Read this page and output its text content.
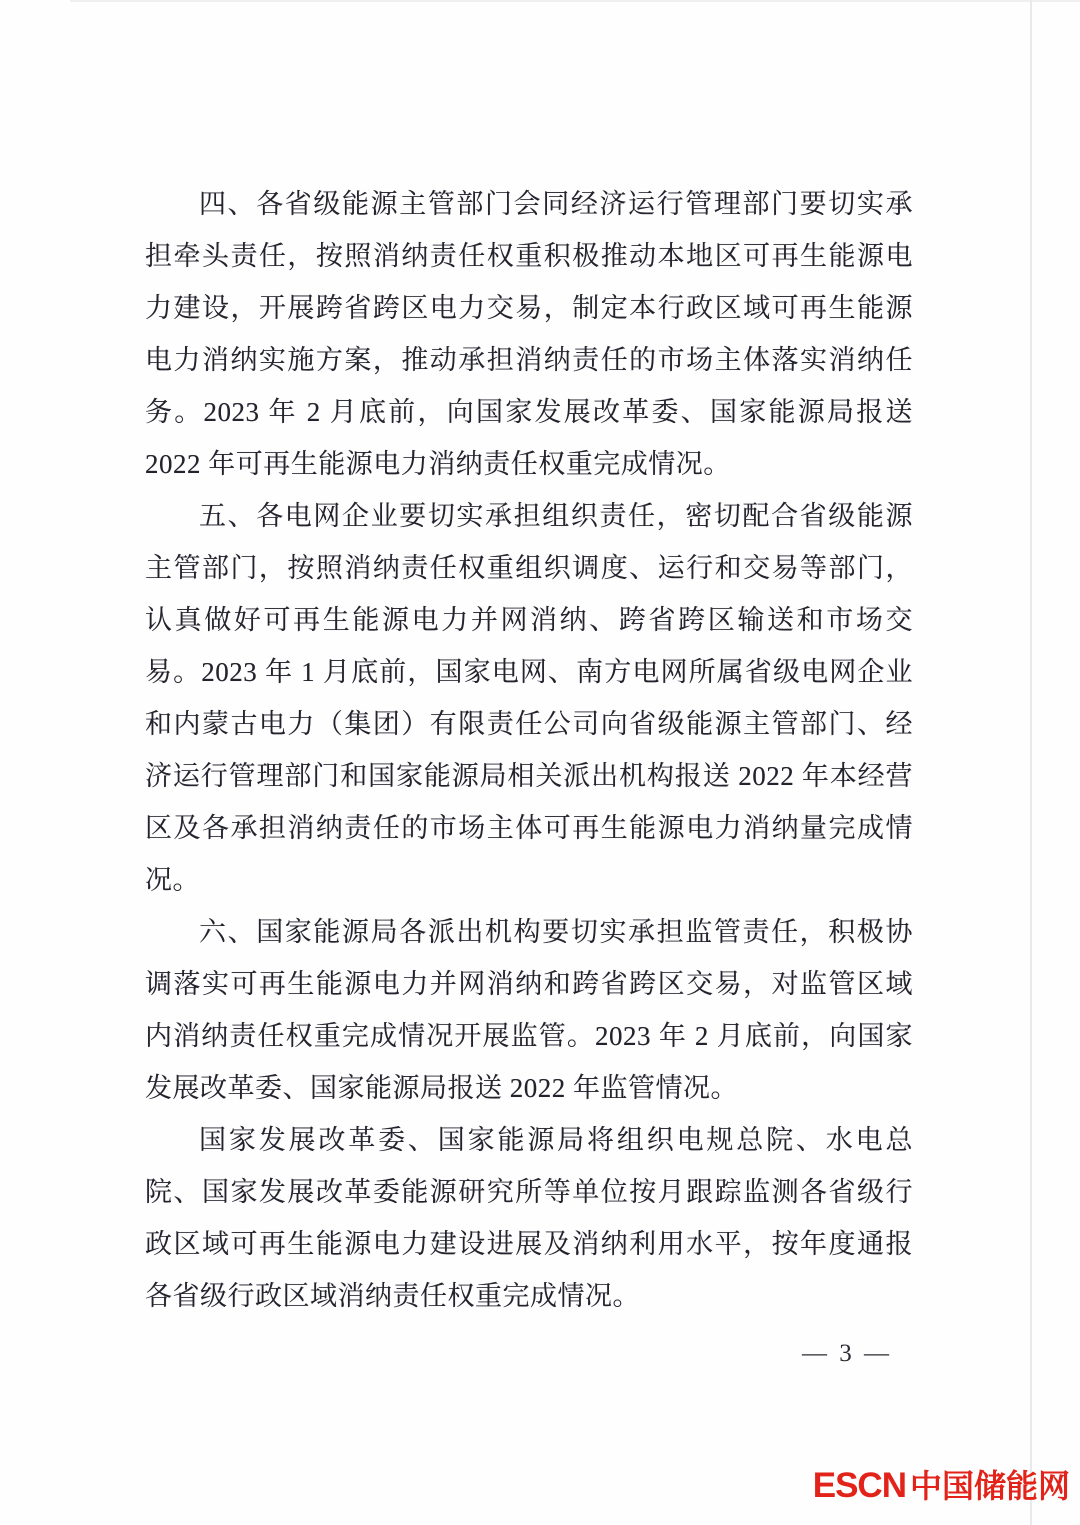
四、各省级能源主管部门会同经济运行管理部门要切实承担牵头责任，按照消纳责任权重积极推动本地区可再生能源电力建设，开展跨省跨区电力交易，制定本行政区域可再生能源电力消纳实施方案，推动承担消纳责任的市场主体落实消纳任务。2023 年 2 月底前，向国家发展改革委、国家能源局报送 2022 年可再生能源电力消纳责任权重完成情况。

五、各电网企业要切实承担组织责任，密切配合省级能源主管部门，按照消纳责任权重组织调度、运行和交易等部门，认真做好可再生能源电力并网消纳、跨省跨区输送和市场交易。2023 年 1 月底前，国家电网、南方电网所属省级电网企业和内蒙古电力（集团）有限责任公司向省级能源主管部门、经济运行管理部门和国家能源局相关派出机构报送 2022 年本经营区及各承担消纳责任的市场主体可再生能源电力消纳量完成情况。

六、国家能源局各派出机构要切实承担监管责任，积极协调落实可再生能源电力并网消纳和跨省跨区交易，对监管区域内消纳责任权重完成情况开展监管。2023 年 2 月底前，向国家发展改革委、国家能源局报送 2022 年监管情况。

国家发展改革委、国家能源局将组织电规总院、水电总院、国家发展改革委能源研究所等单位按月跟踪监测各省级行政区域可再生能源电力建设进展及消纳利用水平，按年度通报各省级行政区域消纳责任权重完成情况。

— 3 —
ESCN 中国储能网
